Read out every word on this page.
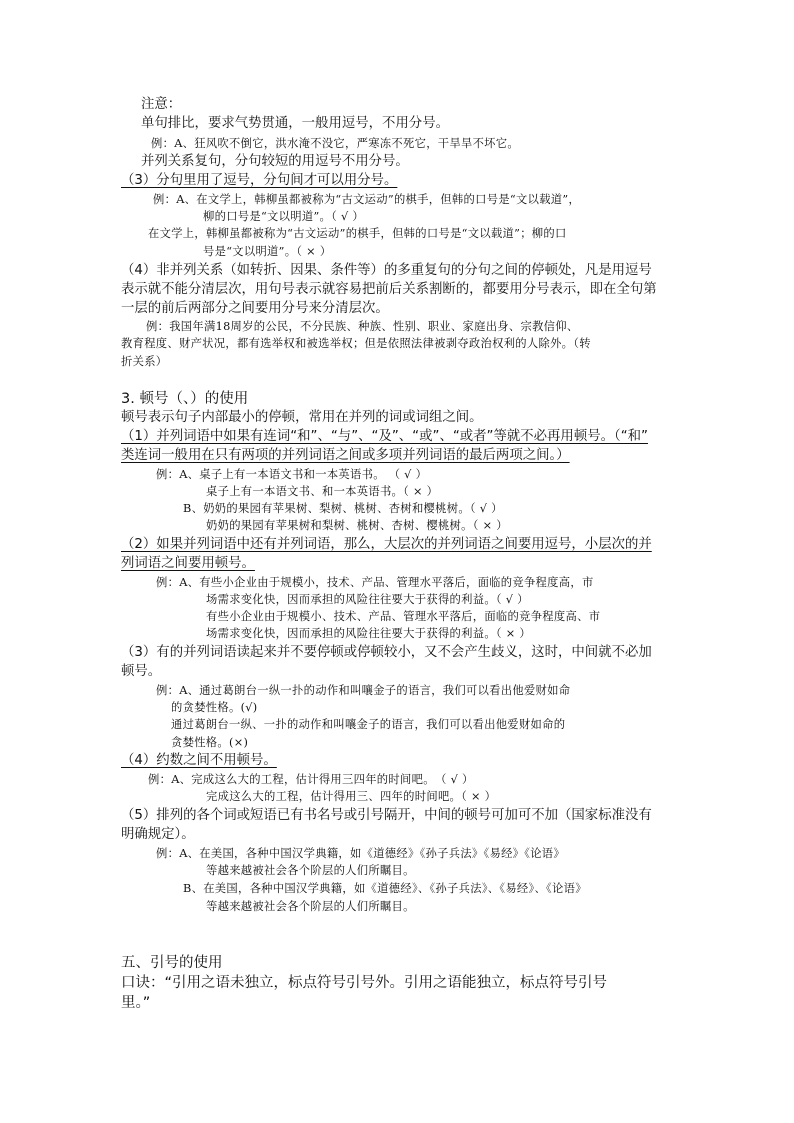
注意：
单句排比，要求气势贯通，一般用逗号，不用分号。
例：A、狂风吹不倒它，洪水淹不没它，严寒冻不死它，干旱旱不坏它。
并列关系复句，分句较短的用逗号不用分号。
（3）分句里用了逗号，分句间才可以用分号。
例：A、在文学上，韩柳虽都被称为“古文运动”的棋手，但韩的口号是“文以载道”，
柳的口号是“文以明道”。（ √ ）
在文学上，韩柳虽都被称为“古文运动”的棋手，但韩的口号是“文以载道”；柳的口
号是“文以明道”。（ × ）
（4）非并列关系（如转折、因果、条件等）的多重复句的分句之间的停顿处，凡是用逗号
表示就不能分清层次，用句号表示就容易把前后关系割断的，都要用分号表示，即在全句第
一层的前后两部分之间要用分号来分清层次。
例：我国年满18周岁的公民，不分民族、种族、性别、职业、家庭出身、宗教信仰、
教育程度、财产状况，都有选举权和被选举权；但是依照法律被剥夺政治权利的人除外。（转
折关系）
3. 顿号（、）的使用
顿号表示句子内部最小的停顿，常用在并列的词或词组之间。
（1）并列词语中如果有连词“和”、“与”、“及”、“或”、“或者”等就不必再用顿号。（“和”
类连词一般用在只有两项的并列词语之间或多项并列词语的最后两项之间。）
例：A、桌子上有一本语文书和一本英语书。 （ √ ）
桌子上有一本语文书、和一本英语书。（ × ）
B、奶奶的果园有苹果树、梨树、桃树、杏树和樱桃树。（ √ ）
奶奶的果园有苹果树和梨树、桃树、杏树、樱桃树。（ × ）
（2）如果并列词语中还有并列词语，那么，大层次的并列词语之间要用逗号，小层次的并
列词语之间要用顿号。
例：A、有些小企业由于规模小，技术、产品、管理水平落后，面临的竞争程度高，市
场需求变化快，因而承担的风险往往要大于获得的利益。（ √ ）
有些小企业由于规模小、技术、产品、管理水平落后，面临的竞争程度高、市
场需求变化快，因而承担的风险往往要大于获得的利益。（ × ）
（3）有的并列词语读起来并不要停顿或停顿较小，又不会产生歧义，这时，中间就不必加
顿号。
例：A、通过葛朗台一纵一扑的动作和叫嚷金子的语言，我们可以看出他爱财如命
的贪婪性格。(√)
通过葛朗台一纵、一扑的动作和叫嚷金子的语言，我们可以看出他爱财如命的
贪婪性格。(×)
（4）约数之间不用顿号。
例：A、完成这么大的工程，估计得用三四年的时间吧。　（ √ ）
完成这么大的工程，估计得用三、四年的时间吧。（ × ）
（5）排列的各个词或短语已有书名号或引号隔开，中间的顿号可加可不加（国家标准没有
明确规定）。
例：A、在美国，各种中国汉学典籍，如《道德经》《孙子兵法》《易经》《论语》
等越来越被社会各个阶层的人们所瞩目。
B、在美国，各种中国汉学典籍，如《道德经》、《孙子兵法》、《易经》、《论语》
等越来越被社会各个阶层的人们所瞩目。
五、引号的使用
口诀：“引用之语未独立，标点符号引号外。引用之语能独立，标点符号引号
里。”
